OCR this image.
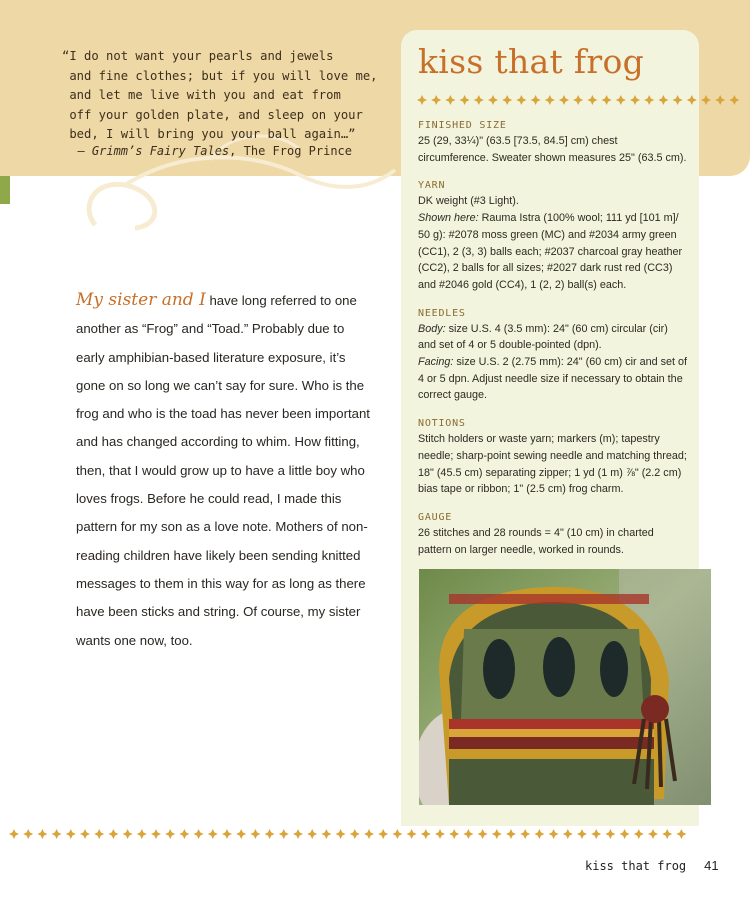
“I do not want your pearls and jewels

and fine clothes; but if you will love me,

and let me live with you and eat from

off your golden plate, and sleep on your

bed, I will bring you your ball again…”

— Grimm’s Fairy Tales, The Frog Prince
kiss that frog
FINISHED SIZE

25 (29, 33¼)" (63.5 [73.5, 84.5] cm) chest circumference. Sweater shown measures 25" (63.5 cm).

YARN

DK weight (#3 Light).

Shown here: Rauma Istra (100% wool; 111 yd [101 m]/ 50 g): #2078 moss green (MC) and #2034 army green (CC1), 2 (3, 3) balls each; #2037 charcoal gray heather (CC2), 2 balls for all sizes; #2027 dark rust red (CC3) and #2046 gold (CC4), 1 (2, 2) ball(s) each.

NEEDLES

Body: size U.S. 4 (3.5 mm): 24" (60 cm) circular (cir) and set of 4 or 5 double-pointed (dpn).

Facing: size U.S. 2 (2.75 mm): 24" (60 cm) cir and set of 4 or 5 dpn. Adjust needle size if necessary to obtain the correct gauge.

NOTIONS

Stitch holders or waste yarn; markers (m); tapestry needle; sharp-point sewing needle and matching thread; 18" (45.5 cm) separating zipper; 1 yd (1 m) ⅞" (2.2 cm) bias tape or ribbon; 1" (2.5 cm) frog charm.

GAUGE

26 stitches and 28 rounds = 4" (10 cm) in charted pattern on larger needle, worked in rounds.

My sister and I have long referred to one another as “Frog” and “Toad.” Probably due to early amphibian-based literature exposure, it’s gone on so long we can’t say for sure. Who is the frog and who is the toad has never been important and has changed according to whim. How fitting, then, that I would grow up to have a little boy who loves frogs. Before he could read, I made this pattern for my son as a love note. Mothers of non-reading children have likely been sending knitted messages to them in this way for as long as there have been sticks and string. Of course, my sister wants one now, too.
kiss that frog 41
